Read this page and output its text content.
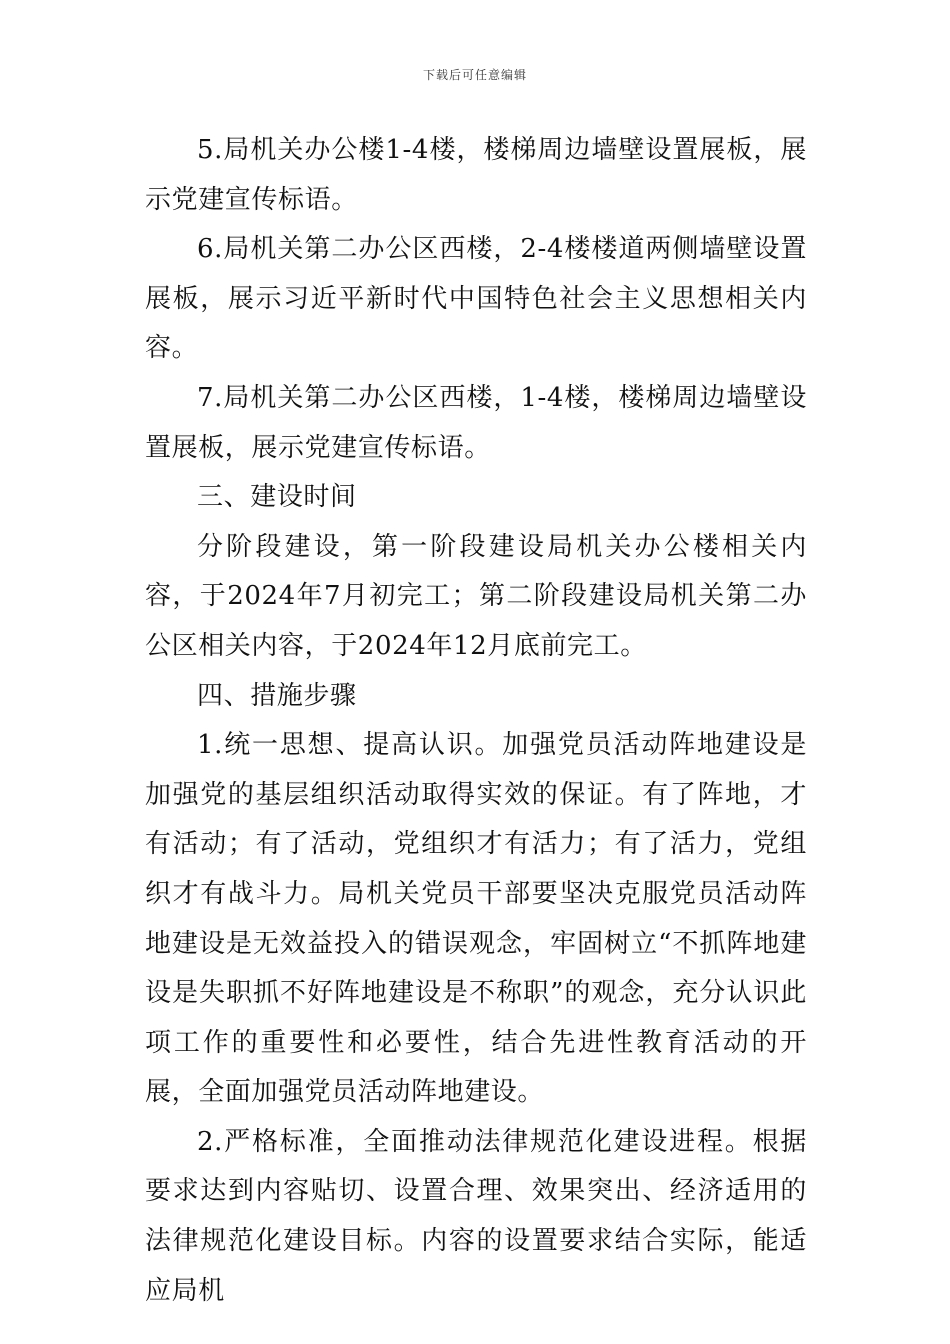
下载后可任意编辑

5.局机关办公楼1-4楼，楼梯周边墙壁设置展板，展示党建宣传标语。

6.局机关第二办公区西楼，2-4楼楼道两侧墙壁设置展板，展示习近平新时代中国特色社会主义思想相关内容。

7.局机关第二办公区西楼，1-4楼，楼梯周边墙壁设置展板，展示党建宣传标语。

三、建设时间

分阶段建设，第一阶段建设局机关办公楼相关内容，于2024年7月初完工；第二阶段建设局机关第二办公区相关内容，于2024年12月底前完工。

四、措施步骤

1.统一思想、提高认识。加强党员活动阵地建设是加强党的基层组织活动取得实效的保证。有了阵地，才有活动；有了活动，党组织才有活力；有了活力，党组织才有战斗力。局机关党员干部要坚决克服党员活动阵地建设是无效益投入的错误观念，牢固树立“不抓阵地建设是失职抓不好阵地建设是不称职”的观念，充分认识此项工作的重要性和必要性，结合先进性教育活动的开展，全面加强党员活动阵地建设。

2.严格标准，全面推动法律规范化建设进程。根据要求达到内容贴切、设置合理、效果突出、经济适用的法律规范化建设目标。内容的设置要求结合实际，能适应局机
